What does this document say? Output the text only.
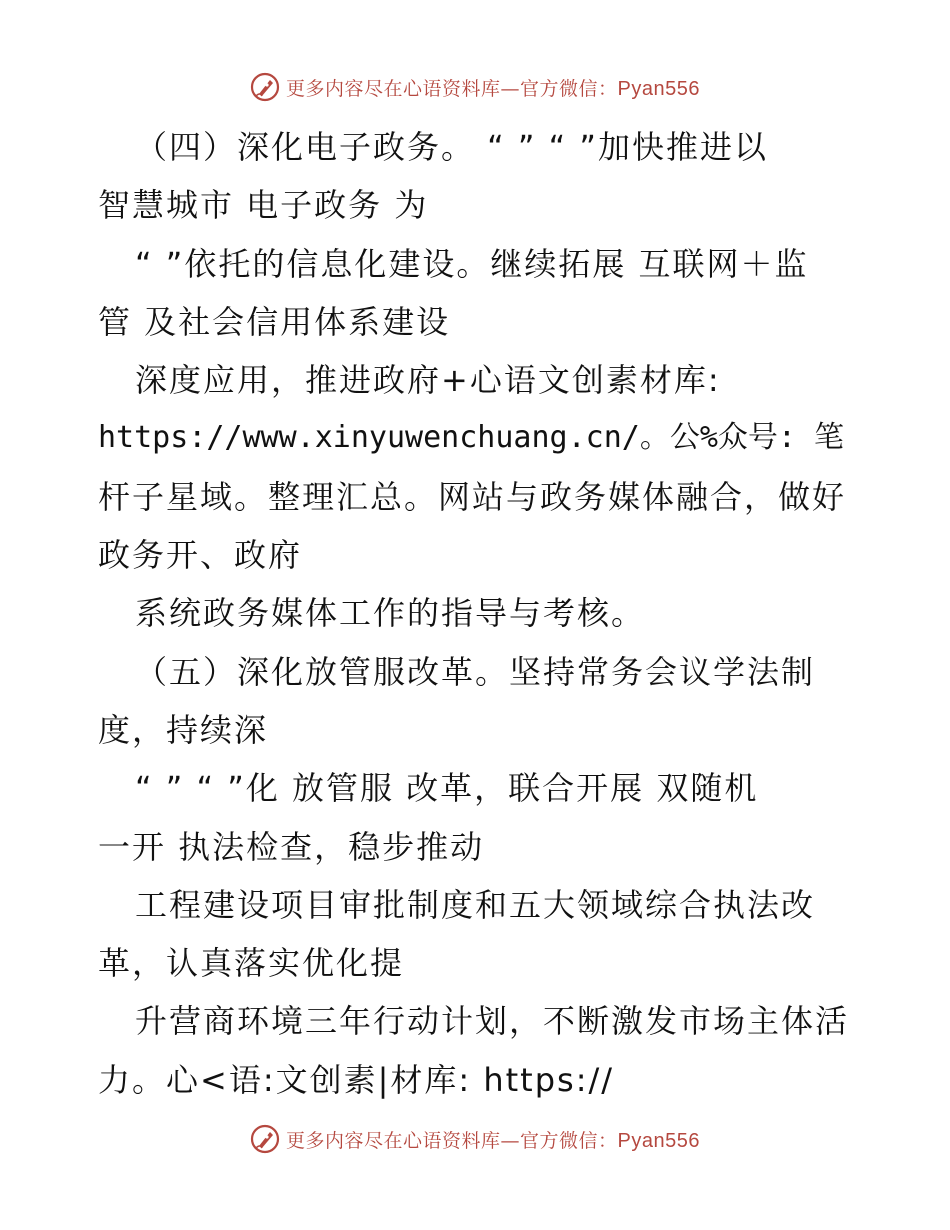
更多内容尽在心语资料库—官方微信：Pyan556
（四）深化电子政务。 “ ” “ ”加快推进以
智慧城市 电子政务 为
“ ”依托的信息化建设。继续拓展 互联网＋监
管 及社会信用体系建设
深度应用，推进政府+心语文创素材库:
https://www.xinyuwenchuang.cn/。公%众号: 笔
杆子星域。整理汇总。网站与政务媒体融合，做好
政务开、政府
系统政务媒体工作的指导与考核。
（五）深化放管服改革。坚持常务会议学法制
度，持续深
“ ” “ ”化 放管服 改革，联合开展 双随机
一开 执法检查，稳步推动
工程建设项目审批制度和五大领域综合执法改
革，认真落实优化提
升营商环境三年行动计划，不断激发市场主体活
力。心<语:文创素|材库: https://
更多内容尽在心语资料库—官方微信：Pyan556
